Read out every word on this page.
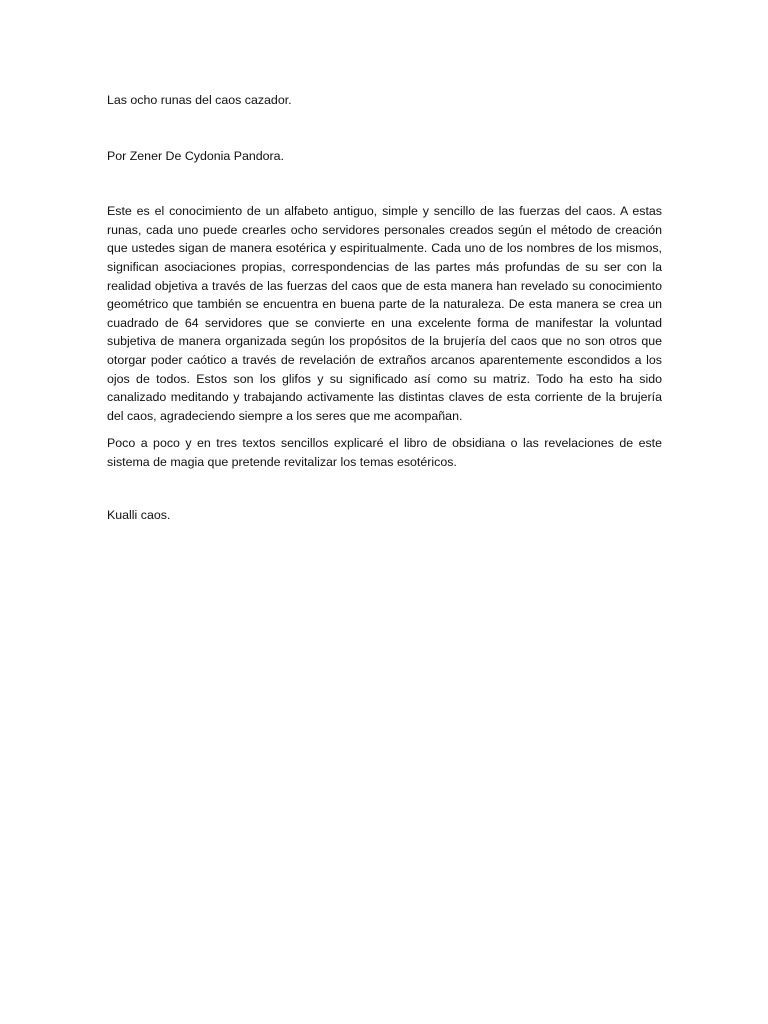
Las ocho runas del caos cazador.

Por Zener De Cydonia Pandora.

Este es el conocimiento de un alfabeto antiguo, simple y sencillo de las fuerzas del caos. A estas runas, cada uno puede crearles ocho servidores personales creados según el método de creación que ustedes sigan de manera esotérica y espiritualmente. Cada uno de los nombres de los mismos, significan asociaciones propias, correspondencias de las partes más profundas de su ser con la realidad objetiva a través de las fuerzas del caos que de esta manera han revelado su conocimiento geométrico que también se encuentra en buena parte de la naturaleza. De esta manera se crea un cuadrado de 64 servidores que se convierte en una excelente forma de manifestar la voluntad subjetiva de manera organizada según los propósitos de la brujería del caos que no son otros que otorgar poder caótico a través de revelación de extraños arcanos aparentemente escondidos a los ojos de todos. Estos son los glifos y su significado así como su matriz. Todo ha esto ha sido canalizado meditando y trabajando activamente las distintas claves de esta corriente de la brujería del caos, agradeciendo siempre a los seres que me acompañan.

Poco a poco y en tres textos sencillos explicaré el libro de obsidiana o las revelaciones de este sistema de magia que pretende revitalizar los temas esotéricos.

Kualli caos.
